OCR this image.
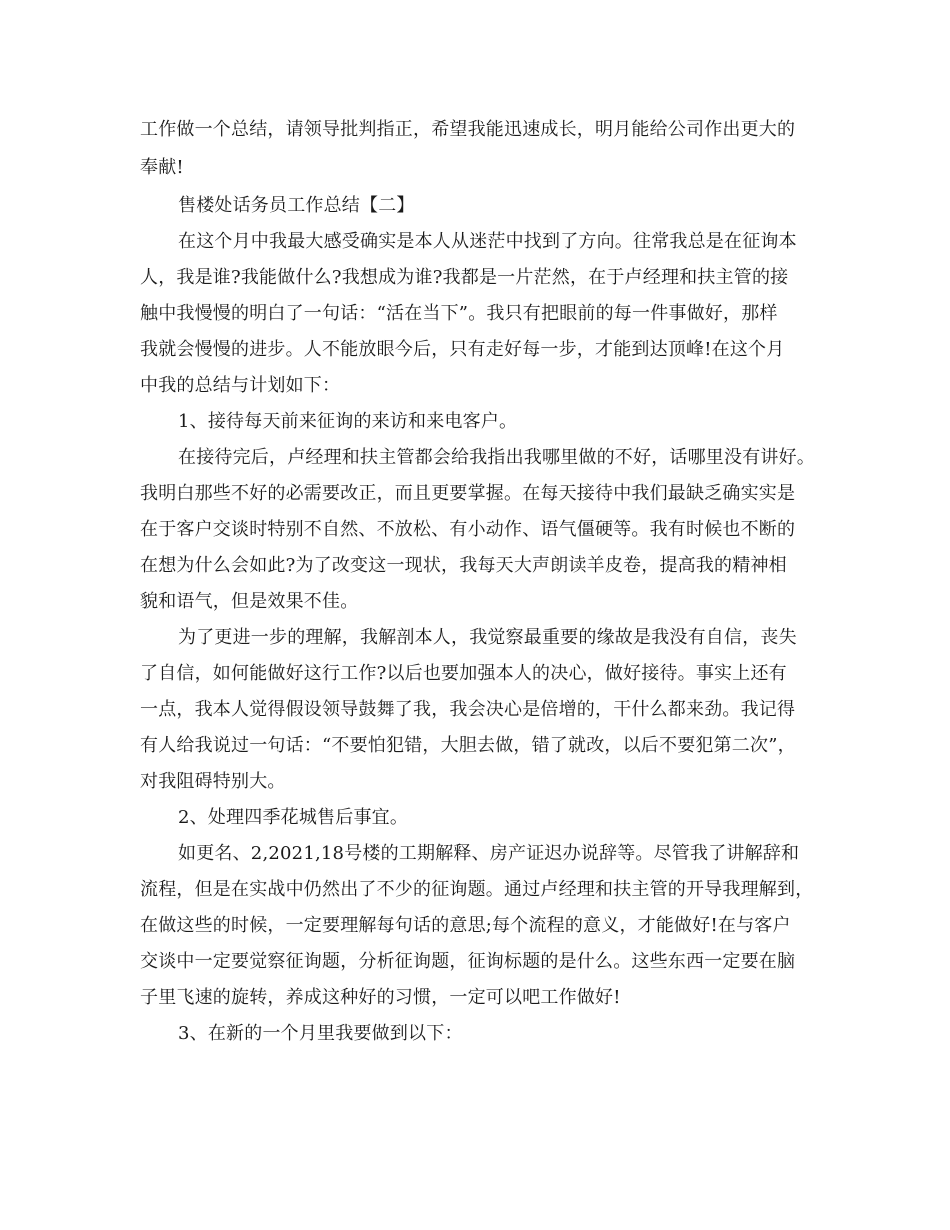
工作做一个总结，请领导批判指正，希望我能迅速成长，明月能给公司作出更大的
奉献!
售楼处话务员工作总结【二】
在这个月中我最大感受确实是本人从迷茫中找到了方向。往常我总是在征询本
人，我是谁?我能做什么?我想成为谁?我都是一片茫然，在于卢经理和扶主管的接
触中我慢慢的明白了一句话：“活在当下”。我只有把眼前的每一件事做好，那样
我就会慢慢的进步。人不能放眼今后，只有走好每一步，才能到达顶峰!在这个月
中我的总结与计划如下：
1、接待每天前来征询的来访和来电客户。
在接待完后，卢经理和扶主管都会给我指出我哪里做的不好，话哪里没有讲好。
我明白那些不好的必需要改正，而且更要掌握。在每天接待中我们最缺乏确实实是
在于客户交谈时特别不自然、不放松、有小动作、语气僵硬等。我有时候也不断的
在想为什么会如此?为了改变这一现状，我每天大声朗读羊皮卷，提高我的精神相
貌和语气，但是效果不佳。
为了更进一步的理解，我解剖本人，我觉察最重要的缘故是我没有自信，丧失
了自信，如何能做好这行工作?以后也要加强本人的决心，做好接待。事实上还有
一点，我本人觉得假设领导鼓舞了我，我会决心是倍增的，干什么都来劲。我记得
有人给我说过一句话：“不要怕犯错，大胆去做，错了就改，以后不要犯第二次”，
对我阻碍特别大。
2、处理四季花城售后事宜。
如更名、2,2021,18号楼的工期解释、房产证迟办说辞等。尽管我了讲解辞和
流程，但是在实战中仍然出了不少的征询题。通过卢经理和扶主管的开导我理解到，
在做这些的时候，一定要理解每句话的意思;每个流程的意义，才能做好!在与客户
交谈中一定要觉察征询题，分析征询题，征询标题的是什么。这些东西一定要在脑
子里飞速的旋转，养成这种好的习惯，一定可以吧工作做好!
3、在新的一个月里我要做到以下：
